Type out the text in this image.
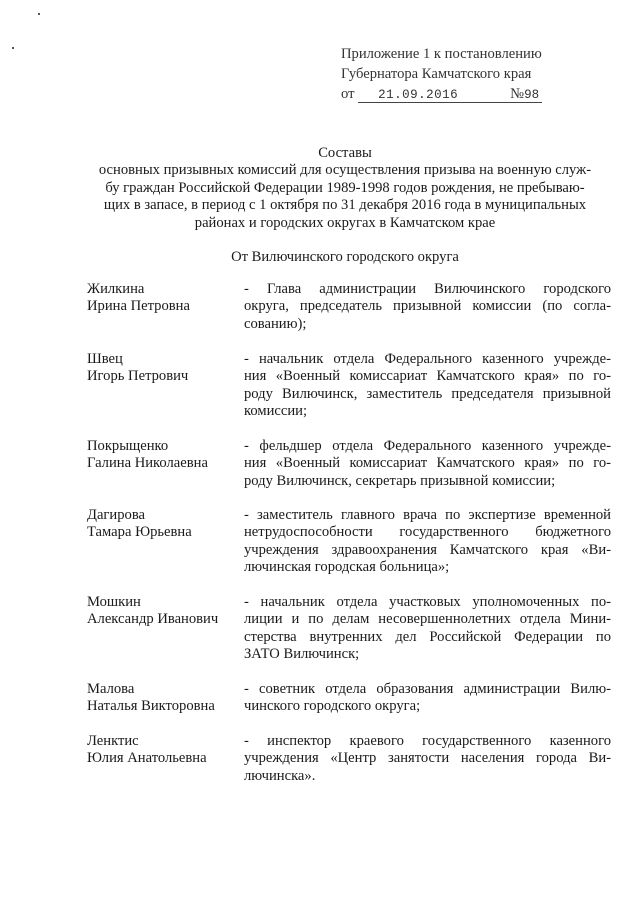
Приложение 1 к постановлению
Губернатора Камчатского края
от 21.09.2016	№98
Составы
основных призывных комиссий для осуществления призыва на военную служ-
бу граждан Российской Федерации 1989-1998 годов рождения, не пребываю-
щих в запасе, в период с 1 октября по 31 декабря 2016 года в муниципальных
районах и городских округах в Камчатском крае
От Вилючинского городского округа
Жилкина
Ирина Петровна
- Глава администрации Вилючинского городского
округа, председатель призывной комиссии (по согла-
сованию);
Швец
Игорь Петрович
- начальник отдела Федерального казенного учрежде-
ния «Военный комиссариат Камчатского края» по го-
роду Вилючинск, заместитель председателя призывной
комиссии;
Покрыщенко
Галина Николаевна
- фельдшер отдела Федерального казенного учрежде-
ния «Военный комиссариат Камчатского края» по го-
роду Вилючинск, секретарь призывной комиссии;
Дагирова
Тамара Юрьевна
- заместитель главного врача по экспертизе временной
нетрудоспособности государственного бюджетного
учреждения здравоохранения Камчатского края «Ви-
лючинская городская больница»;
Мошкин
Александр Иванович
- начальник отдела участковых уполномоченных по-
лиции и по делам несовершеннолетних отдела Мини-
стерства внутренних дел Российской Федерации по
ЗАТО Вилючинск;
Малова
Наталья Викторовна
- советник отдела образования администрации Вилю-
чинского городского округа;
Ленктис
Юлия Анатольевна
- инспектор краевого государственного казенного
учреждения «Центр занятости населения города Ви-
лючинска».
